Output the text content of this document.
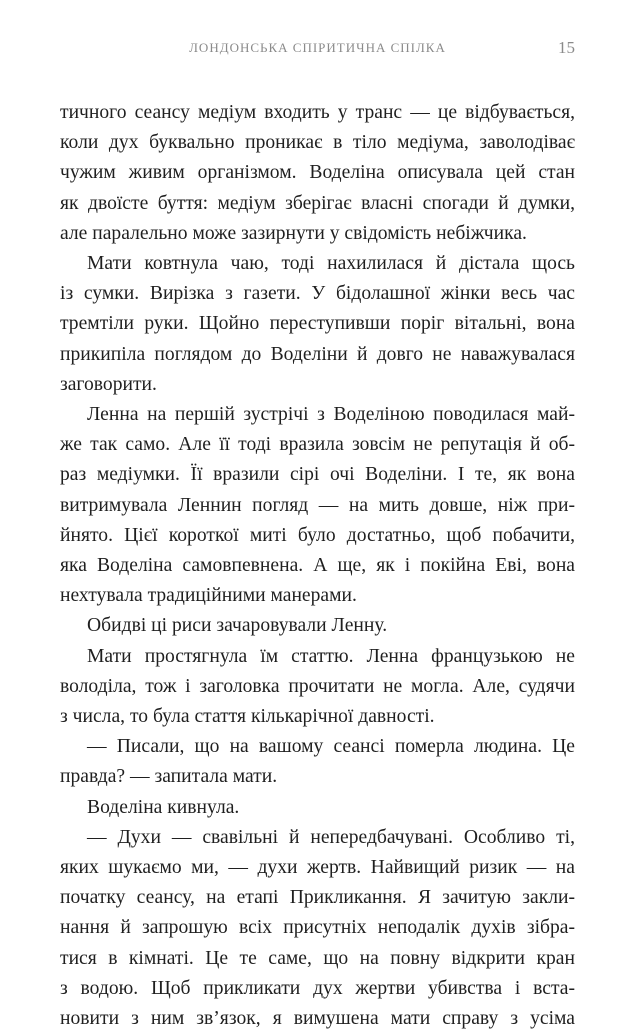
ЛОНДОНСЬКА СПІРИТИЧНА СПІЛКА	15

тичного сеансу медіум входить у транс — це відбувається,

коли дух буквально проникає в тіло медіума, заволодіває

чужим живим організмом. Воделіна описувала цей стан

як двоїсте буття: медіум зберігає власні спогади й думки,

але паралельно може зазирнути у свідомість небіжчика.

Мати ковтнула чаю, тоді нахилилася й дістала щось

із сумки. Вирізка з газети. У бідолашної жінки весь час

тремтіли руки. Щойно переступивши поріг вітальні, вона

прикипіла поглядом до Воделіни й довго не наважувалася

заговорити.

Ленна на першій зустрічі з Воделіною поводилася май-

же так само. Але її тоді вразила зовсім не репутація й об-

раз медіумки. Її вразили сірі очі Воделіни. І те, як вона

витримувала Леннин погляд — на мить довше, ніж при-

йнято. Цієї короткої миті було достатньо, щоб побачити,

яка Воделіна самовпевнена. А ще, як і покійна Еві, вона

нехтувала традиційними манерами.

Обидві ці риси зачаровували Ленну.

Мати простягнула їм статтю. Ленна французькою не

володіла, тож і заголовка прочитати не могла. Але, судячи

з числа, то була стаття кількарічної давності.

— Писали, що на вашому сеансі померла людина. Це

правда? — запитала мати.

Воделіна кивнула.

— Духи — свавільні й непередбачувані. Особливо ті,

яких шукаємо ми, — духи жертв. Найвищий ризик — на

початку сеансу, на етапі Прикликання. Я зачитую закли-

нання й запрошую всіх присутніх неподалік духів зібра-

тися в кімнаті. Це те саме, що на повну відкрити кран

з водою. Щоб прикликати дух жертви убивства і вста-

новити з ним зв’язок, я вимушена мати справу з усіма
